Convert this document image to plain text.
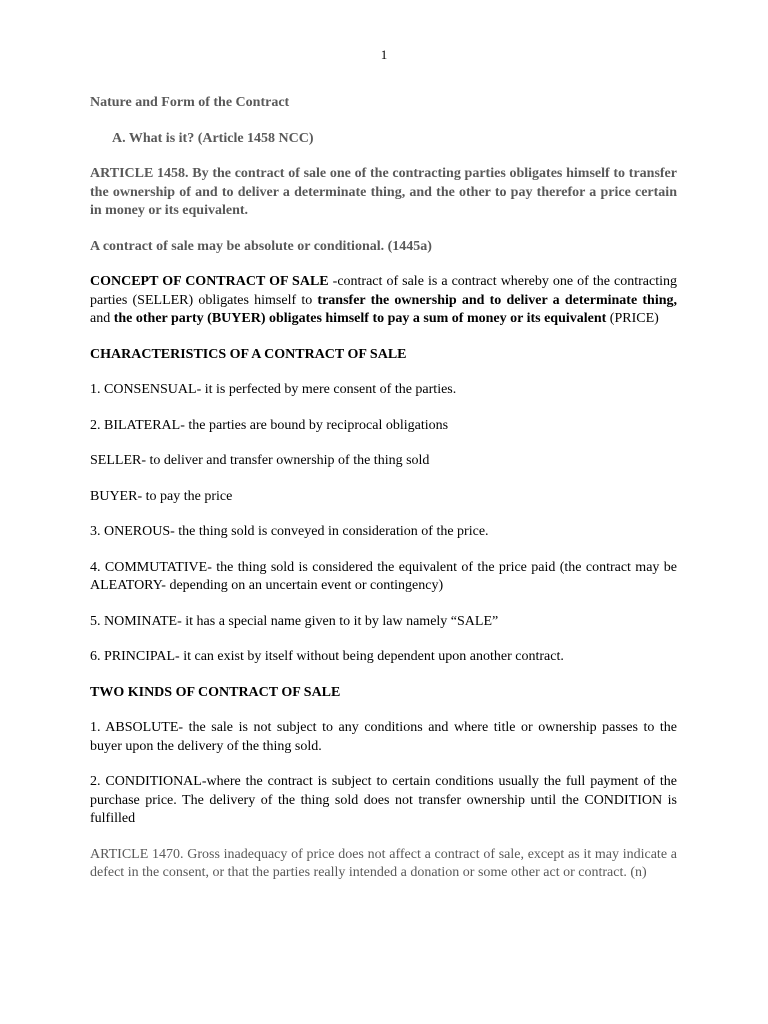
1

Nature and Form of the Contract

A. What is it? (Article 1458 NCC)

ARTICLE 1458. By the contract of sale one of the contracting parties obligates himself to transfer the ownership of and to deliver a determinate thing, and the other to pay therefor a price certain in money or its equivalent.

A contract of sale may be absolute or conditional. (1445a)

CONCEPT OF CONTRACT OF SALE -contract of sale is a contract whereby one of the contracting parties (SELLER) obligates himself to transfer the ownership and to deliver a determinate thing, and the other party (BUYER) obligates himself to pay a sum of money or its equivalent (PRICE)

CHARACTERISTICS OF A CONTRACT OF SALE

1. CONSENSUAL- it is perfected by mere consent of the parties.

2. BILATERAL- the parties are bound by reciprocal obligations

SELLER- to deliver and transfer ownership of the thing sold

BUYER- to pay the price

3. ONEROUS- the thing sold is conveyed in consideration of the price.

4. COMMUTATIVE- the thing sold is considered the equivalent of the price paid (the contract may be ALEATORY- depending on an uncertain event or contingency)

5. NOMINATE- it has a special name given to it by law namely “SALE”

6. PRINCIPAL- it can exist by itself without being dependent upon another contract.

TWO KINDS OF CONTRACT OF SALE

1. ABSOLUTE- the sale is not subject to any conditions and where title or ownership passes to the buyer upon the delivery of the thing sold.

2. CONDITIONAL-where the contract is subject to certain conditions usually the full payment of the purchase price. The delivery of the thing sold does not transfer ownership until the CONDITION is fulfilled

ARTICLE 1470. Gross inadequacy of price does not affect a contract of sale, except as it may indicate a defect in the consent, or that the parties really intended a donation or some other act or contract. (n)
